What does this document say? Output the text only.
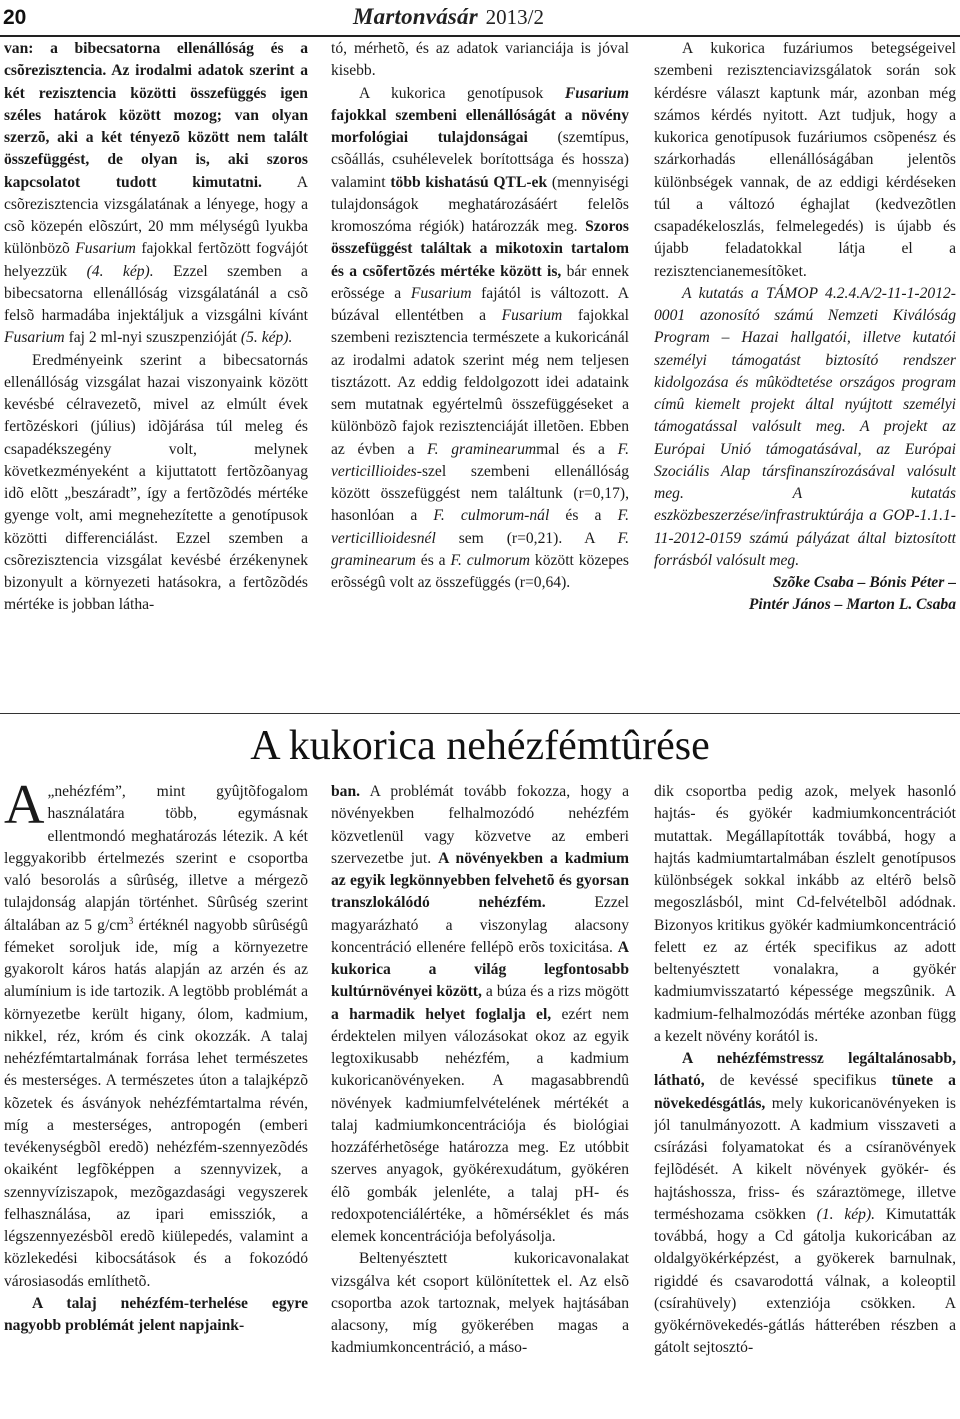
20	Martonvásár 2013/2

van: a bibecsatorna ellenállóság és a csõrezisztencia. Az irodalmi adatok szerint a két rezisztencia közötti összefüggés igen széles határok között mozog; van olyan szerzõ, aki a két tényezõ között nem talált összefüggést, de olyan is, aki szoros kapcsolatot tudott kimutatni. A csõrezisztencia vizsgálatának a lényege, hogy a csõ közepén elõszúrt, 20 mm mélységû lyukba különbözõ Fusarium fajokkal fertõzött fogvájót helyezzük (4. kép). Ezzel szemben a bibecsatorna ellenállóság vizsgálatánál a csõ felsõ harmadába injektáljuk a vizsgálni kívánt Fusarium faj 2 ml-nyi szuszpenzióját (5. kép).

Eredményeink szerint a bibecsatornás ellenállóság vizsgálat hazai viszonyaink között kevésbé célravezetõ, mivel az elmúlt évek fertõzéskori (július) idõjárása túl meleg és csapadékszegény volt, melynek következményeként a kijuttatott fertõzõanyag idõ elõtt „beszáradt”, így a fertõzõdés mértéke gyenge volt, ami megnehezítette a genotípusok közötti differenciálást. Ezzel szemben a csõrezisztencia vizsgálat kevésbé érzékenynek bizonyult a környezeti hatásokra, a fertõzõdés mértéke is jobban látha-

tó, mérhetõ, és az adatok varianciája is jóval kisebb.

A kukorica genotípusok Fusarium fajokkal szembeni ellenállóságát a növény morfológiai tulajdonságai (szemtípus, csõállás, csuhélevelek borítottsága és hossza) valamint több kishatású QTL-ek (mennyiségi tulajdonságok meghatározásáért felelõs kromoszóma régiók) határozzák meg. Szoros összefüggést találtak a mikotoxin tartalom és a csõfertõzés mértéke között is, bár ennek erõssége a Fusarium fajától is változott. A búzával ellentétben a Fusarium fajokkal szembeni rezisztencia természete a kukoricánál az irodalmi adatok szerint még nem teljesen tisztázott. Az eddig feldolgozott idei adataink sem mutatnak egyértelmû összefüggéseket a különbözõ fajok rezisztenciáját illetõen. Ebben az évben a F. graminearummal és a F. verticillioides-szel szembeni ellenállóság között összefüggést nem találtunk (r=0,17), hasonlóan a F. culmorum-nál és a F. verticillioidesnél sem (r=0,21). A F. graminearum és a F. culmorum között közepes erõsségû volt az összefüggés (r=0,64).

A kukorica fuzáriumos betegségeivel szembeni rezisztenciavizsgálatok során sok kérdésre választ kaptunk már, azonban még számos kérdés nyitott. Azt tudjuk, hogy a kukorica genotípusok fuzáriumos csõpenész és szárkorhadás ellenállóságában jelentõs különbségek vannak, de az eddigi kérdéseken túl a változó éghajlat (kedvezõtlen csapadékeloszlás, felmelegedés) is újabb és újabb feladatokkal látja el a rezisztencianemesítõket.

A kutatás a TÁMOP 4.2.4.A/2-11-1-2012-0001 azonosító számú Nemzeti Kiválóság Program – Hazai hallgatói, illetve kutatói személyi támogatást biztosító rendszer kidolgozása és mûködtetése országos program címû kiemelt projekt által nyújtott személyi támogatással valósult meg. A projekt az Európai Unió támogatásával, az Európai Szociális Alap társfinanszírozásával valósult meg. A kutatás eszközbeszerzése/infrastruktúrája a GOP-1.1.1-11-2012-0159 számú pályázat által biztosított forrásból valósult meg.

Szõke Csaba – Bónis Péter –

Pintér János – Marton L. Csaba

A kukorica nehézfémtûrése

A „nehézfém”, mint gyûjtõfogalom használatára több, egymásnak ellentmondó meghatározás létezik. A két leggyakoribb értelmezés szerint e csoportba való besorolás a sûrûség, illetve a mérgezõ tulajdonság alapján történhet. Sûrûség szerint általában az 5 $g/cm^3$ értéknél nagyobb sûrûségû fémeket soroljuk ide, míg a környezetre gyakorolt káros hatás alapján az arzén és az alumínium is ide tartozik. A legtöbb problémát a környezetbe került higany, ólom, kadmium, nikkel, réz, króm és cink okozzák. A talaj nehézfémtartalmának forrása lehet természetes és mesterséges. A természetes úton a talajképzõ kõzetek és ásványok nehézfémtartalma révén, míg a mesterséges, antropogén (emberi tevékenységbõl eredõ) nehézfém-szennyezõdés okaiként legfõképpen a szennyvizek, a szennyvíziszapok, mezõgazdasági vegyszerek felhasználása, az ipari emissziók, a légszennyezésbõl eredõ kiülepedés, valamint a közlekedési kibocsátások és a fokozódó városiasodás említhetõ.

A talaj nehézfém-terhelése egyre nagyobb problémát jelent napjaink-

ban. A problémát tovább fokozza, hogy a növényekben felhalmozódó nehézfém közvetlenül vagy közvetve az emberi szervezetbe jut. A növényekben a kadmium az egyik legkönnyebben felvehetõ és gyorsan transzlokálódó nehézfém.	Ezzel magyarázható a viszonylag alacsony koncentráció ellenére fellépõ erõs toxicitása. A kukorica a világ legfontosabb kultúrnövényei között, a búza és a rizs mögött a harmadik helyet foglalja el, ezért nem érdektelen milyen válozásokat okoz az egyik legtoxikusabb nehézfém, a kadmium kukoricanövényeken. A magasabbrendû növények kadmiumfelvételének mértékét a talaj kadmiumkoncentrációja és biológiai hozzáférhetõsége határozza meg. Ez utóbbit szerves anyagok, gyökérexudátum, gyökéren élõ gombák jelenléte, a talaj pH- és redoxpotenciálértéke, a hõmérséklet és más elemek koncentrációja befolyásolja.

Beltenyésztett kukoricavonalakat vizsgálva két csoport különítettek el. Az elsõ csoportba azok tartoznak, melyek hajtásában alacsony, míg gyökerében magas a kadmiumkoncentráció, a máso-

dik csoportba pedig azok, melyek hasonló hajtás- és gyökér kadmiumkoncentrációt mutattak. Megállapították továbbá, hogy a hajtás kadmiumtartalmában észlelt genotípusos különbségek sokkal inkább az eltérõ belsõ megoszlásból, mint Cd-felvételbõl adódnak. Bizonyos kritikus gyökér kadmiumkoncentráció felett ez az érték specifikus az adott beltenyésztett vonalakra, a gyökér kadmiumvisszatartó képessége megszûnik. A kadmium-felhalmozódás mértéke azonban függ a kezelt növény korától is.

A nehézfémstressz legáltalánosabb, látható, de kevéssé specifikus tünete a növekedésgátlás, mely kukoricanövényeken is jól tanulmányozott. A kadmium visszaveti a csírázási folyamatokat és a csíranövények fejlõdését. A kikelt növények gyökér- és hajtáshossza, friss- és száraztömege, illetve terméshozama csökken (1. kép). Kimutatták továbbá, hogy a Cd gátolja kukoricában az oldalgyökérképzést, a gyökerek barnulnak, rigiddé és csavarodottá válnak, a koleoptil (csírahüvely) extenziója csökken. A gyökérnövekedés-gátlás hátterében részben a gátolt sejtosztó-
